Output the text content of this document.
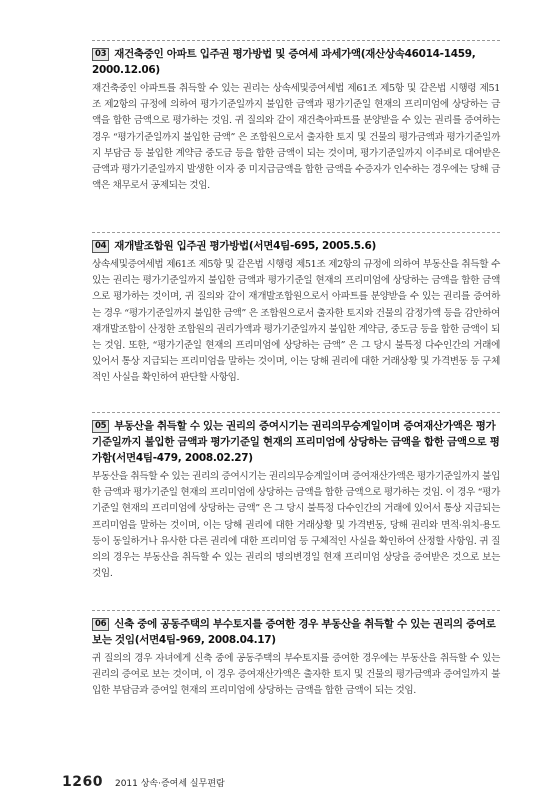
03 재건축중인 아파트 입주권 평가방법 및 증여세 과세가액(재산상속46014-1459, 2000.12.06)

재건축중인 아파트를 취득할 수 있는 권리는 상속세및증여세법 제61조 제5항 및 같은법 시행령 제51조 제2항의 규정에 의하여 평가기준일까지 불입한 금액과 평가기준일 현재의 프리미엄에 상당하는 금액을 합한 금액으로 평가하는 것임. 귀 질의와 같이 재건축아파트를 분양받을 수 있는 권리를 증여하는 경우 “평가기준일까지 불입한 금액” 은 조합원으로서 출자한 토지 및 건물의 평가금액과 평가기준일까지 부담금 등 불입한 계약금 중도금 등을 합한 금액이 되는 것이며, 평가기준일까지 이주비로 대여받은 금액과 평가기준일까지 발생한 이자 중 미지급금액을 합한 금액을 수증자가 인수하는 경우에는 당해 금액은 채무로서 공제되는 것임.

04 재개발조합원 입주권 평가방법(서면4팀-695, 2005.5.6)

상속세및증여세법 제61조 제5항 및 같은법 시행령 제51조 제2항의 규정에 의하여 부동산을 취득할 수 있는 권리는 평가기준일까지 불입한 금액과 평가기준일 현재의 프리미엄에 상당하는 금액을 합한 금액으로 평가하는 것이며, 귀 질의와 같이 재개발조합원으로서 아파트를 분양받을 수 있는 권리를 증여하는 경우 “평가기준일까지 불입한 금액” 은 조합원으로서 출자한 토지와 건물의 감정가액 등을 감안하여 재개발조합이 산정한 조합원의 권리가액과 평가기준일까지 불입한 계약금, 중도금 등을 합한 금액이 되는 것임. 또한, “평가기준일 현재의 프리미엄에 상당하는 금액” 은 그 당시 불특정 다수인간의 거래에 있어서 통상 지급되는 프리미엄을 말하는 것이며, 이는 당해 권리에 대한 거래상황 및 가격변동 등 구체적인 사실을 확인하여 판단할 사항임.

05 부동산을 취득할 수 있는 권리의 증여시기는 권리의무승계일이며 증여재산가액은 평가기준일까지 불입한 금액과 평가기준일 현재의 프리미엄에 상당하는 금액을 합한 금액으로 평가함(서면4팀-479, 2008.02.27)

부동산을 취득할 수 있는 권리의 증여시기는 권리의무승계일이며 증여재산가액은 평가기준일까지 불입한 금액과 평가기준일 현재의 프리미엄에 상당하는 금액을 합한 금액으로 평가하는 것임. 이 경우 “평가기준일 현재의 프리미엄에 상당하는 금액” 은 그 당시 불특정 다수인간의 거래에 있어서 통상 지급되는 프리미엄을 말하는 것이며, 이는 당해 권리에 대한 거래상황 및 가격변동, 당해 권리와 면적·위치·용도 등이 동일하거나 유사한 다른 권리에 대한 프리미엄 등 구체적인 사실을 확인하여 산정할 사항임. 귀 질의의 경우는 부동산을 취득할 수 있는 권리의 명의변경일 현재 프리미엄 상당을 증여받은 것으로 보는 것임.

06 신축 중에 공동주택의 부수토지를 증여한 경우 부동산을 취득할 수 있는 권리의 증여로 보는 것임(서면4팀-969, 2008.04.17)

귀 질의의 경우 자녀에게 신축 중에 공동주택의 부수토지를 증여한 경우에는 부동산을 취득할 수 있는 권리의 증여로 보는 것이며, 이 경우 증여재산가액은 출자한 토지 및 건물의 평가금액과 증여일까지 불입한 부담금과 증여일 현재의 프리미엄에 상당하는 금액을 합한 금액이 되는 것임.

1260 2011 상속·증여세 실무편람
